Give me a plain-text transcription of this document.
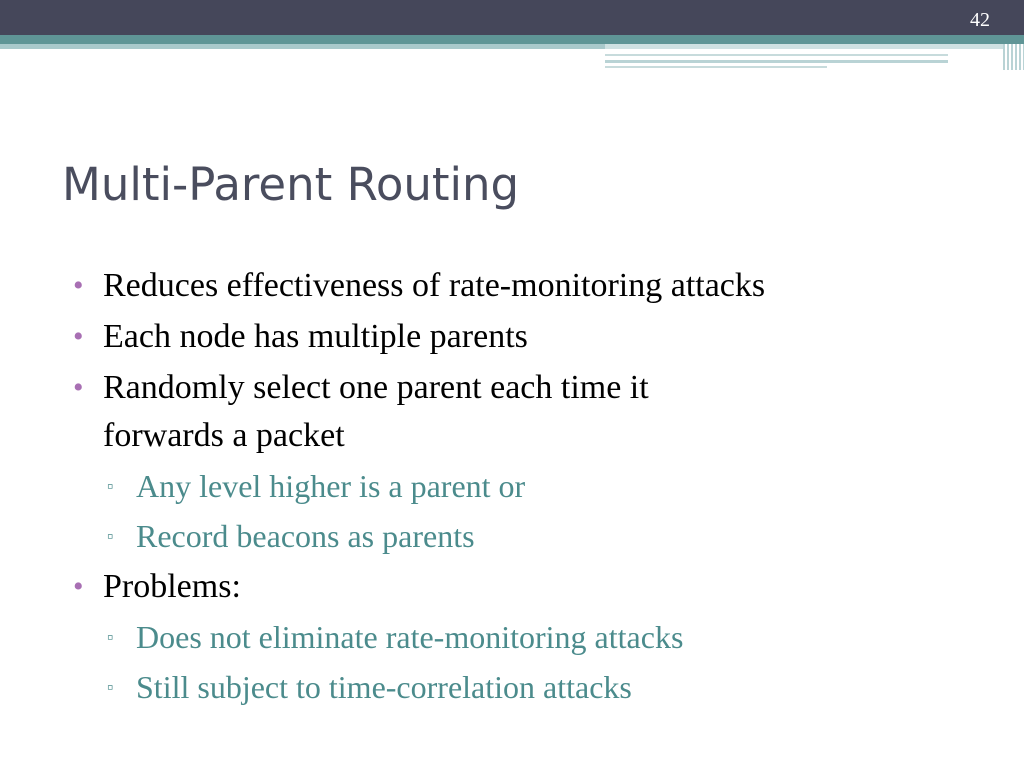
42
Multi-Parent Routing
• Reduces effectiveness of rate-monitoring attacks
• Each node has multiple parents
• Randomly select one parent each time it
forwards a packet
▫ Any level higher is a parent or
▫ Record beacons as parents
• Problems:
▫ Does not eliminate rate-monitoring attacks
▫ Still subject to time-correlation attacks
